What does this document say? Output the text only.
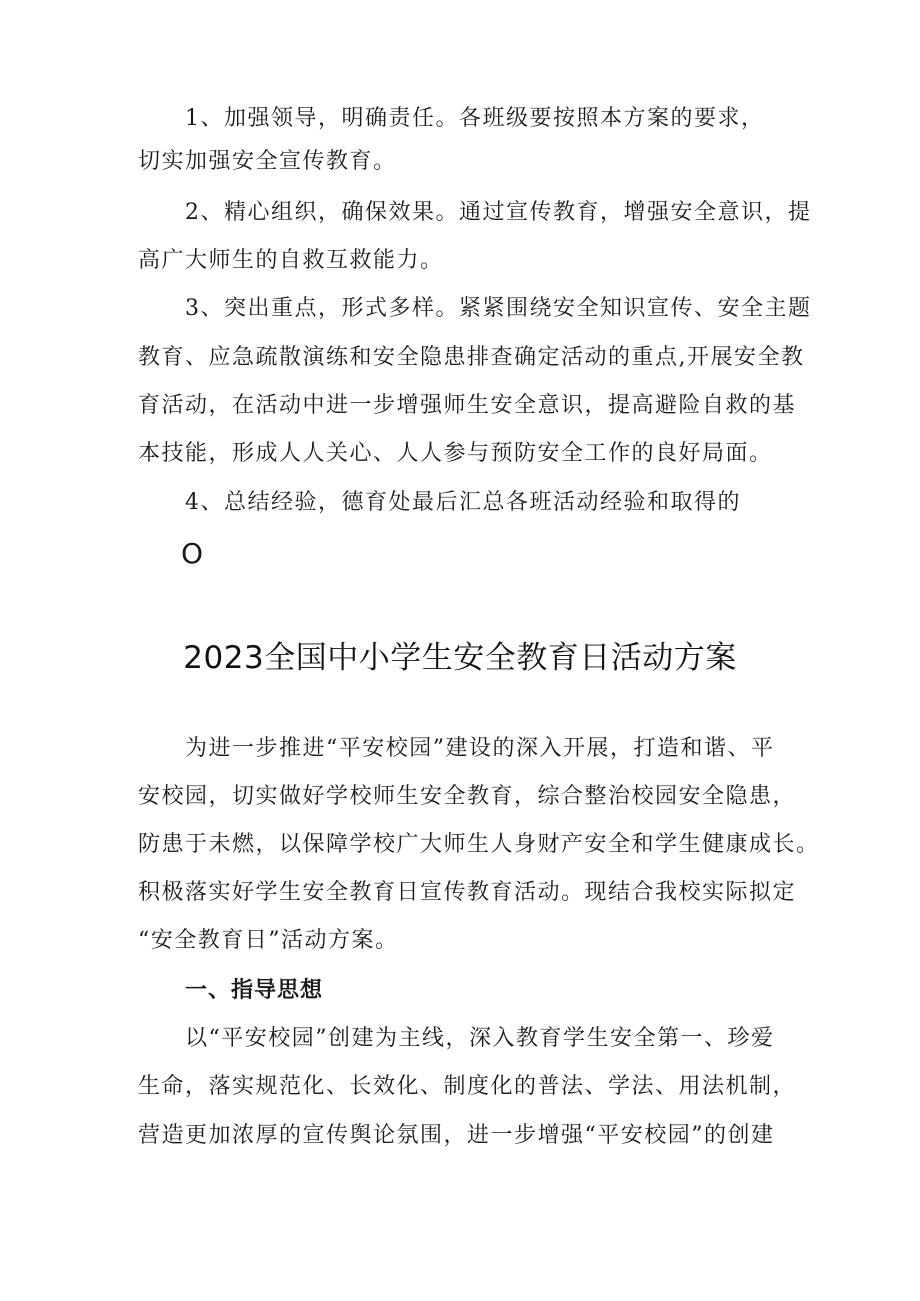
1、加强领导，明确责任。各班级要按照本方案的要求，
切实加强安全宣传教育。
2、精心组织，确保效果。通过宣传教育，增强安全意识，提
高广大师生的自救互救能力。
3、突出重点，形式多样。紧紧围绕安全知识宣传、安全主题
教育、应急疏散演练和安全隐患排查确定活动的重点,开展安全教
育活动，在活动中进一步增强师生安全意识，提高避险自救的基
本技能，形成人人关心、人人参与预防安全工作的良好局面。
4、总结经验，德育处最后汇总各班活动经验和取得的
O
2023全国中小学生安全教育日活动方案
为进一步推进“平安校园”建设的深入开展，打造和谐、平
安校园，切实做好学校师生安全教育，综合整治校园安全隐患，
防患于未燃，以保障学校广大师生人身财产安全和学生健康成长。
积极落实好学生安全教育日宣传教育活动。现结合我校实际拟定
“安全教育日”活动方案。
一、指导思想
以“平安校园”创建为主线，深入教育学生安全第一、珍爱
生命，落实规范化、长效化、制度化的普法、学法、用法机制，
营造更加浓厚的宣传舆论氛围，进一步增强“平安校园”的创建
